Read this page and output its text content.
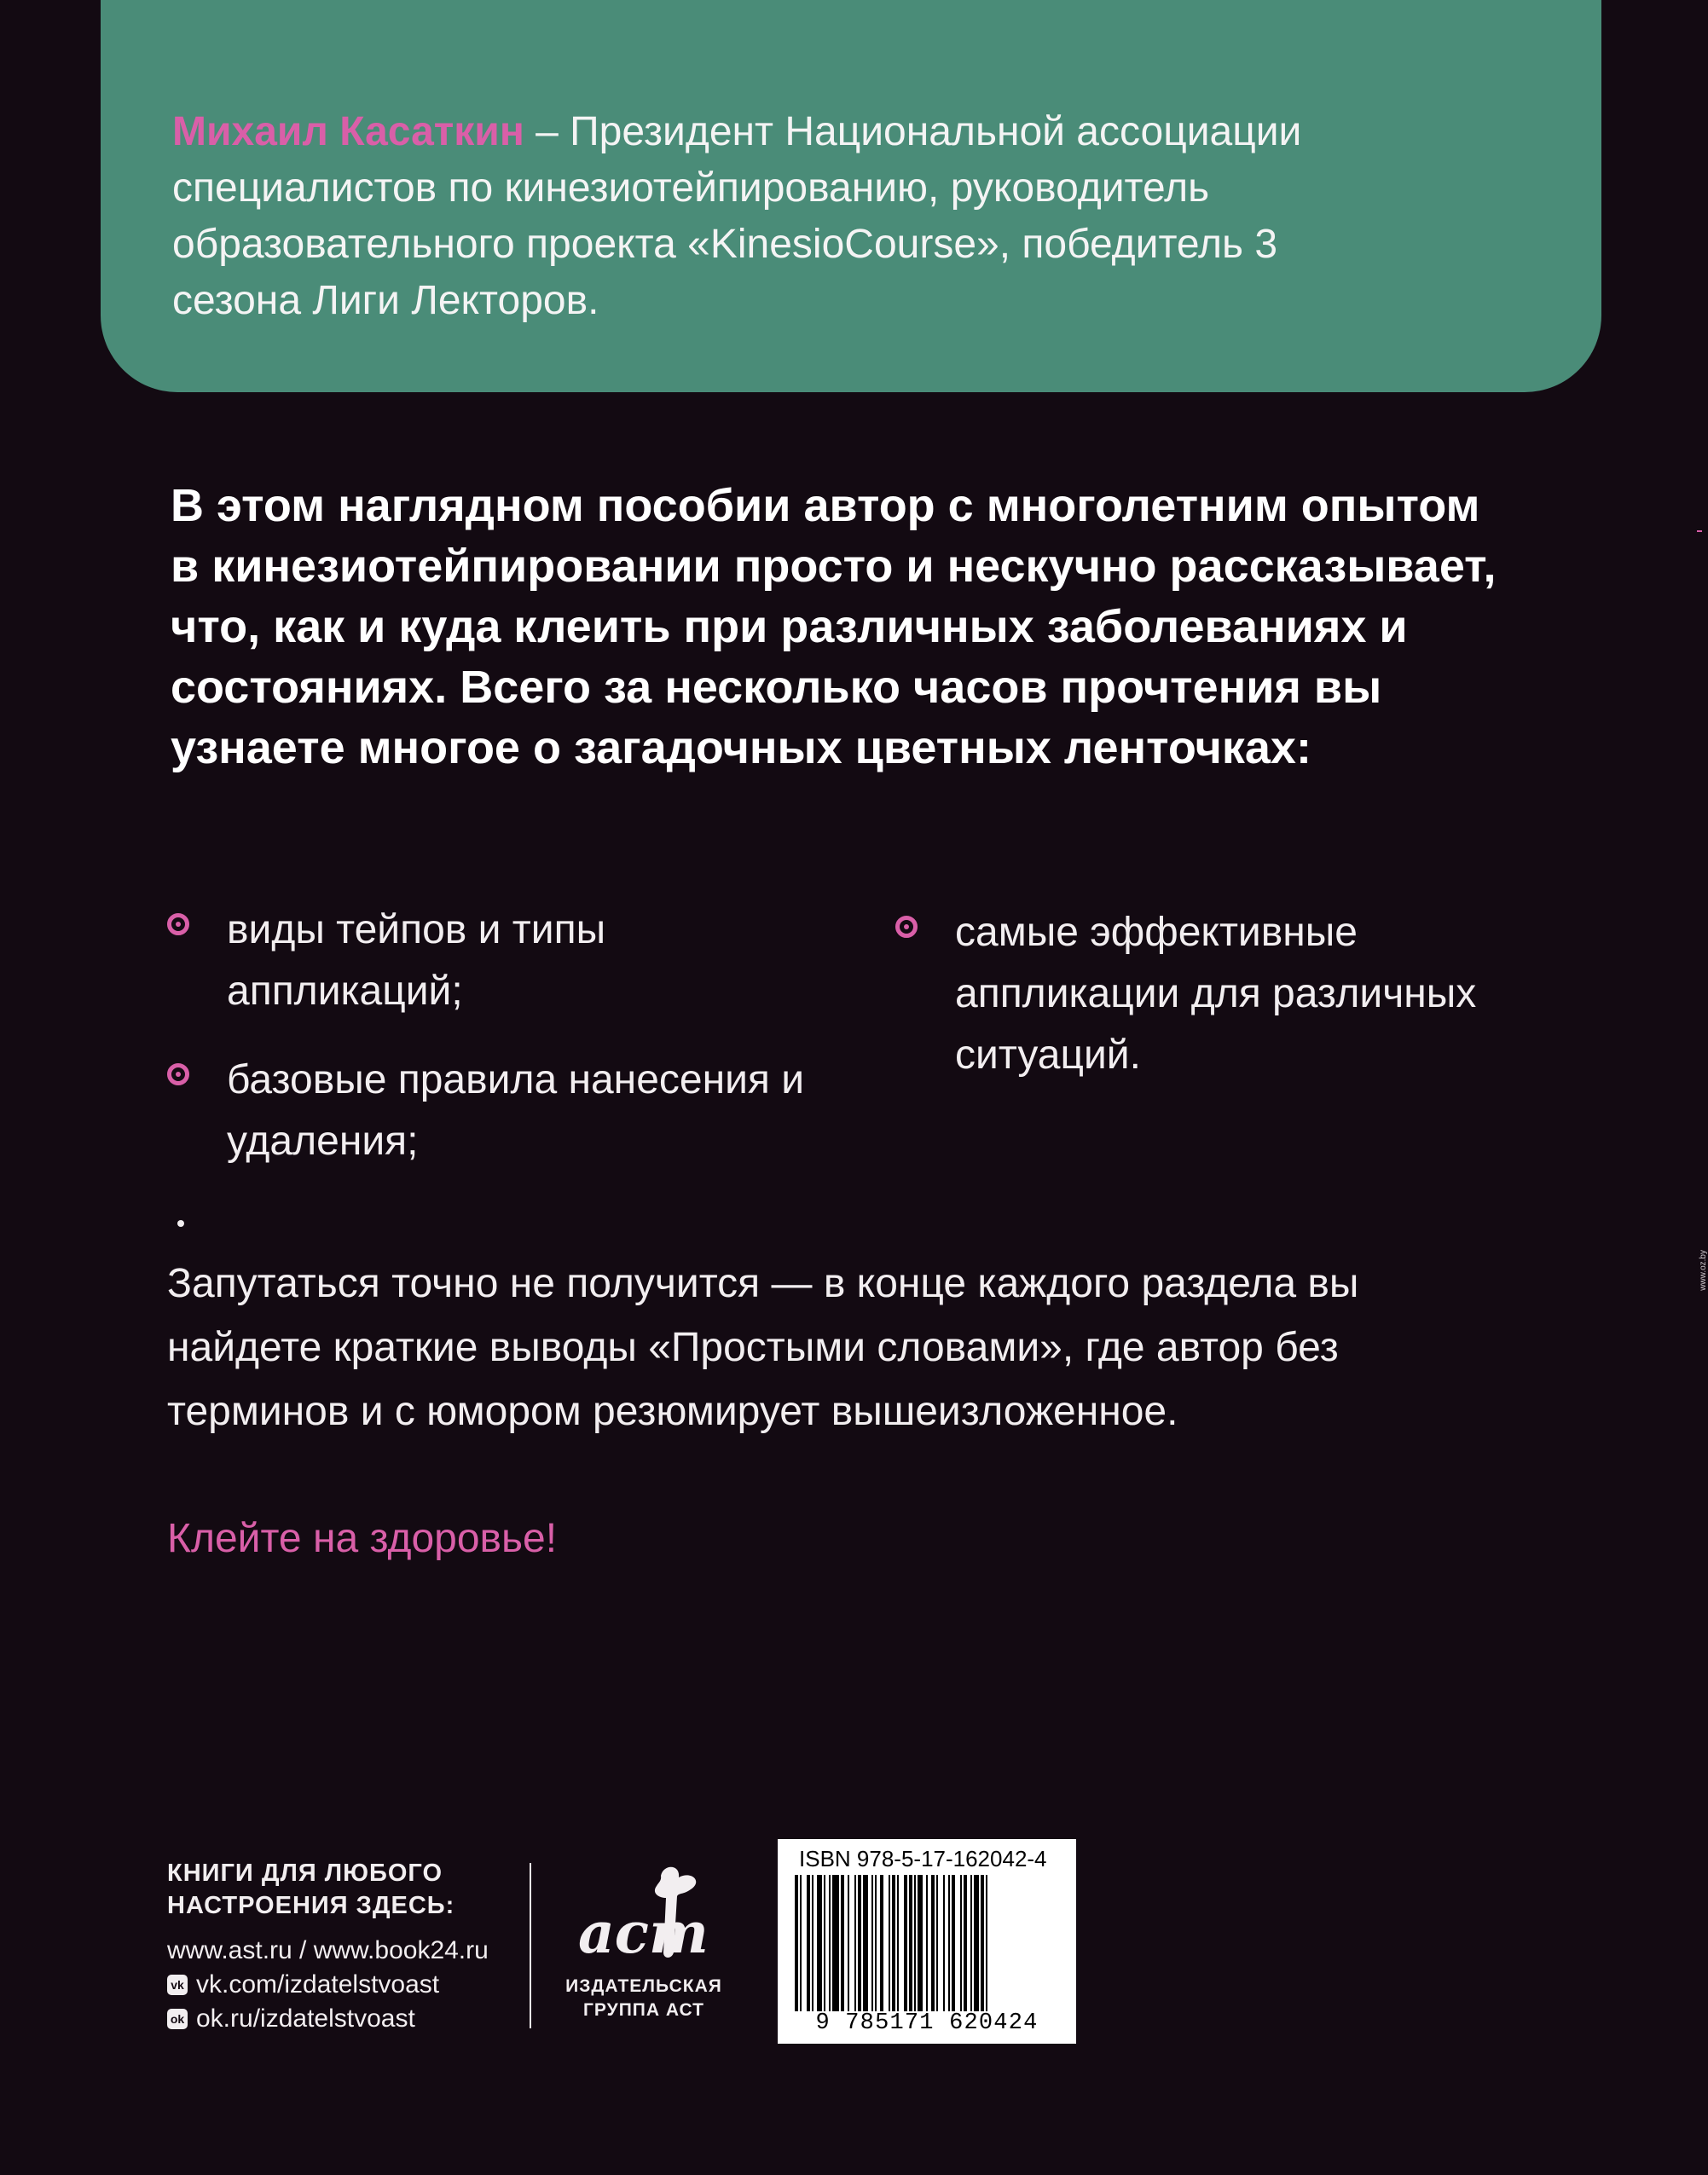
Михаил Касаткин – Президент Национальной ассоциации специалистов по кинезиотейпированию, руководитель образовательного проекта «KinesioCourse», победитель 3 сезона Лиги Лекторов.
В этом наглядном пособии автор с многолетним опытом в кинезиотейпировании просто и нескучно рассказывает, что, как и куда клеить при различных заболеваниях и состояниях. Всего за несколько часов прочтения вы узнаете многое о загадочных цветных ленточках:
виды тейпов и типы аппликаций;
базовые правила нанесения и удаления;
самые эффективные аппликации для различных ситуаций.
Запутаться точно не получится — в конце каждого раздела вы найдете краткие выводы «Простыми словами», где автор без терминов и с юмором резюмирует вышеизложенное.
Клейте на здоровье!
КНИГИ ДЛЯ ЛЮБОГО
НАСТРОЕНИЯ ЗДЕСЬ:
www.ast.ru / www.book24.ru
vk vk.com/izdatelstvoast
ok ok.ru/izdatelstvoast
аст
ИЗДАТЕЛЬСКАЯ
ГРУППА АСТ
ISBN 978-5-17-162042-4
9 785171 620424
www.oz.by
